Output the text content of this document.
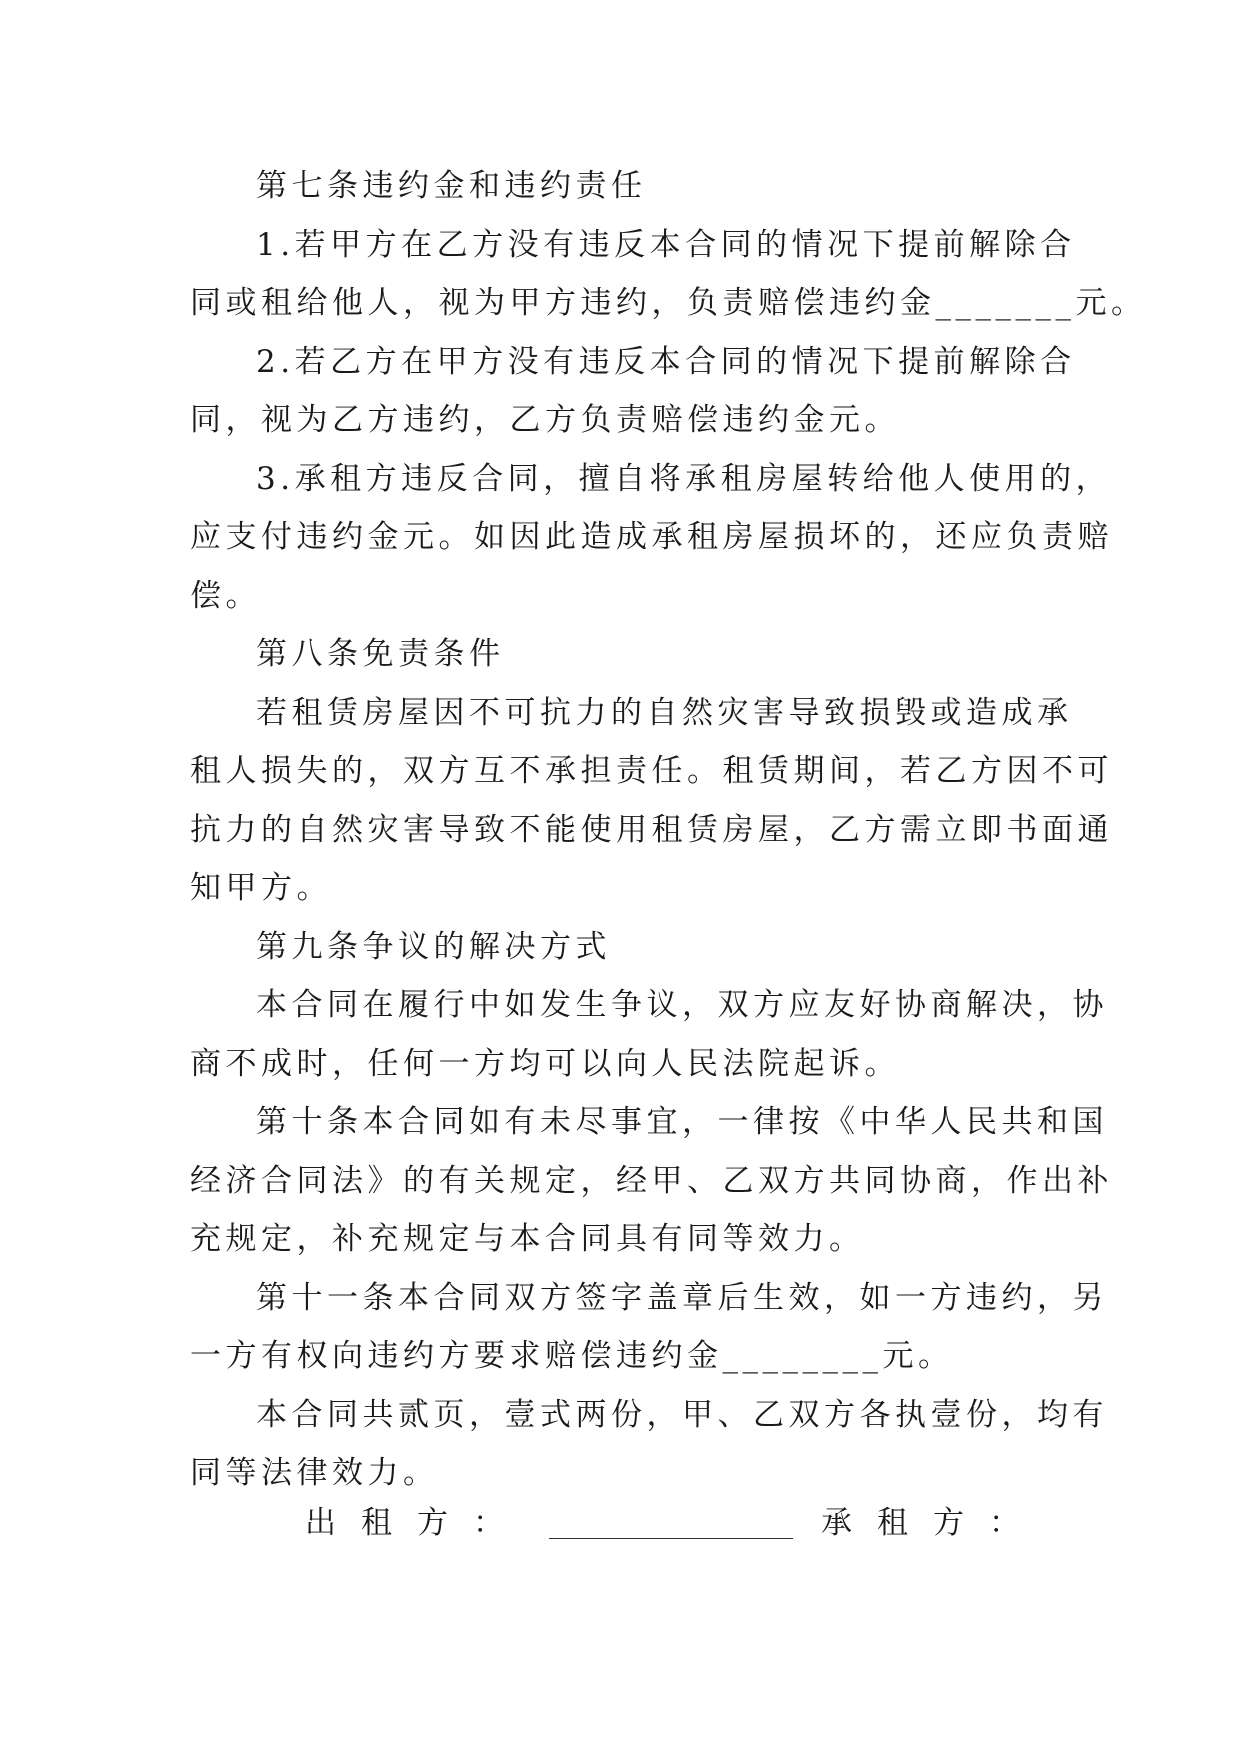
第七条违约金和违约责任
1.若甲方在乙方没有违反本合同的情况下提前解除合
同或租给他人，视为甲方违约，负责赔偿违约金_______元。
2.若乙方在甲方没有违反本合同的情况下提前解除合
同，视为乙方违约，乙方负责赔偿违约金元。
3.承租方违反合同，擅自将承租房屋转给他人使用的，
应支付违约金元。如因此造成承租房屋损坏的，还应负责赔
偿。
第八条免责条件
若租赁房屋因不可抗力的自然灾害导致损毁或造成承
租人损失的，双方互不承担责任。租赁期间，若乙方因不可
抗力的自然灾害导致不能使用租赁房屋，乙方需立即书面通
知甲方。
第九条争议的解决方式
本合同在履行中如发生争议，双方应友好协商解决，协
商不成时，任何一方均可以向人民法院起诉。
第十条本合同如有未尽事宜，一律按《中华人民共和国
经济合同法》的有关规定，经甲、乙双方共同协商，作出补
充规定，补充规定与本合同具有同等效力。
第十一条本合同双方签字盖章后生效，如一方违约，另
一方有权向违约方要求赔偿违约金________元。
本合同共贰页，壹式两份，甲、乙双方各执壹份，均有
同等法律效力。
出租方：	承租方：
